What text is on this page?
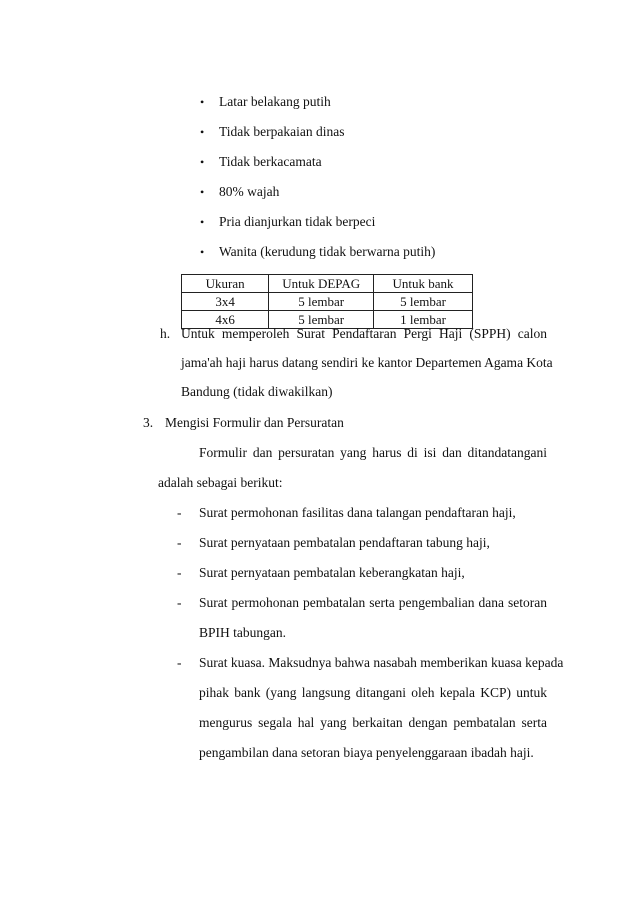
• Latar belakang putih
• Tidak berpakaian dinas
• Tidak berkacamata
• 80% wajah
• Pria dianjurkan tidak berpeci
• Wanita (kerudung tidak berwarna putih)
Ukuran	Untuk DEPAG	Untuk bank
3x4	5 lembar	5 lembar
4x6	5 lembar	1 lembar
h. Untuk memperoleh Surat Pendaftaran Pergi Haji (SPPH) calon
jama'ah haji harus datang sendiri ke kantor Departemen Agama Kota
Bandung (tidak diwakilkan)
3. Mengisi Formulir dan Persuratan
Formulir dan persuratan yang harus di isi dan ditandatangani
adalah sebagai berikut:
- Surat permohonan fasilitas dana talangan pendaftaran haji,
- Surat pernyataan pembatalan pendaftaran tabung haji,
- Surat pernyataan pembatalan keberangkatan haji,
- Surat permohonan pembatalan serta pengembalian dana setoran
BPIH tabungan.
- Surat kuasa. Maksudnya bahwa nasabah memberikan kuasa kepada
pihak bank (yang langsung ditangani oleh kepala KCP) untuk
mengurus segala hal yang berkaitan dengan pembatalan serta
pengambilan dana setoran biaya penyelenggaraan ibadah haji.
